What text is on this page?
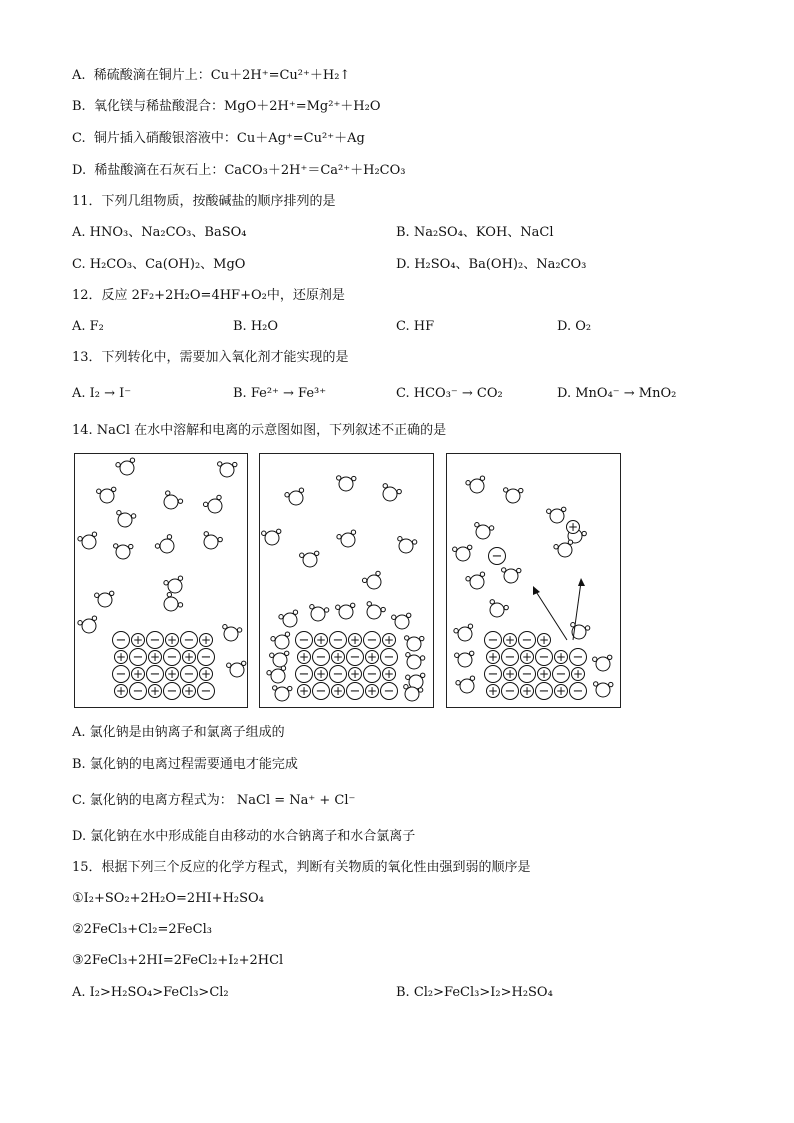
A. 稀硫酸滴在铜片上：Cu＋2H⁺=Cu²⁺＋H₂↑
B. 氧化镁与稀盐酸混合：MgO＋2H⁺=Mg²⁺＋H₂O
C. 铜片插入硝酸银溶液中：Cu＋Ag⁺=Cu²⁺＋Ag
D. 稀盐酸滴在石灰石上：CaCO₃＋2H⁺＝Ca²⁺＋H₂CO₃
11．下列几组物质，按酸碱盐的顺序排列的是
A. HNO₃、Na₂CO₃、BaSO₄	B. Na₂SO₄、KOH、NaCl
C. H₂CO₃、Ca(OH)₂、MgO	D. H₂SO₄、Ba(OH)₂、Na₂CO₃
12．反应 2F₂+2H₂O=4HF+O₂中，还原剂是
A. F₂	B. H₂O	C. HF	D. O₂
13．下列转化中，需要加入氧化剂才能实现的是
A. I₂ → I⁻	B. Fe²⁺ → Fe³⁺	C. HCO₃⁻ → CO₂	D. MnO₄⁻ → MnO₂
14. NaCl 在水中溶解和电离的示意图如图，下列叙述不正确的是
− + − + − +
+ − + − + −
− + − + − +
+ − + − + −
− + − + − +
+ − + − + −
− + − + − +
+ − + − + −
−
+
− + − +
+ − + − + −
− + − + − +
+ − + − + −
A. 氯化钠是由钠离子和氯离子组成的
B. 氯化钠的电离过程需要通电才能完成
C. 氯化钠的电离方程式为： NaCl = Na⁺ + Cl⁻
D. 氯化钠在水中形成能自由移动的水合钠离子和水合氯离子
15．根据下列三个反应的化学方程式，判断有关物质的氧化性由强到弱的顺序是
①I₂+SO₂+2H₂O=2HI+H₂SO₄
②2FeCl₃+Cl₂=2FeCl₃
③2FeCl₃+2HI=2FeCl₂+I₂+2HCl
A. I₂>H₂SO₄>FeCl₃>Cl₂	B. Cl₂>FeCl₃>I₂>H₂SO₄
